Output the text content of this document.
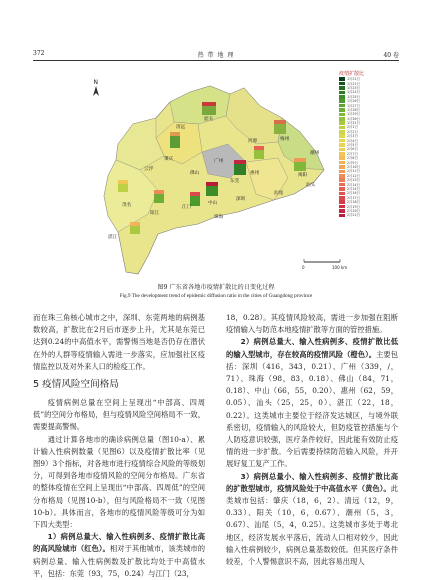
372	热 带 地 理	40 卷
N
韶关
清远
梅州
河源
潮州
揭阳
汕头
汕尾
惠州
广州
东莞
深圳
肇庆
云浮
佛山
江门
中山
珠海
阳江
茂名
湛江
0	100 km
疫情扩散比
1月21日
1月22日
1月23日
1月24日
1月25日
1月26日
1月27日
1月28日
1月29日
1月30日
1月31日
2月1日
2月2日
2月3日
2月4日
2月5日
2月6日
2月7日
2月8日
2月9日
2月10日
2月11日
2月12日
2月13日
2月14日
2月15日
2月16日
2月17日
2月18日
2月19日
2月20日
2月21日
图9 广东省各地市疫情扩散比的日变化过程
Fig.9 The development trend of epidemic diffusion ratio in the cities of Guangdong province

而在珠三角核心城市之中，深圳、东莞两地的病例基数较高，扩散比在2月后市逐步上升，尤其是东莞已达到0.24的中高值水平，需警惕当地是否仍存在潜伏在外的人群等疫情输入需进一步落实，应加强社区疫情监控以及对外来人口的检疫工作。

5 疫情风险空间格局

疫情病例总量在空间上呈现出“中部高、四周低”的空间分布格局，但与疫情风险空间格局不一致，需要提高警惕。

通过计算各地市的确诊病例总量（图10-a）、累计输入性病例数量（见图6）以及疫情扩散比率（见图9）3个指标，对各地市进行疫情综合风险的等级划分，可得到各地市疫情风险的空间分布格局。广东省的整体疫情在空间上呈现出“中部高、四周低”的空间分布格局（见图10-b），但与风险格局不一致（见图10-b）。具体而言，各地市的疫情风险等级可分为如下四大类型：

1）病例总量大、输入性病例多、疫情扩散比高的高风险城市（红色）。相对于其他城市，该类城市的病例总量、输入性病例数及扩散比均处于中高值水平，包括：东莞（93，75，0.24）与江门（23，

18，0.28）。其疫情风险较高，需进一步加强在阻断疫情输入与防范本地疫情扩散等方面的管控措施。

2）病例总量大、输入性病例多、疫情扩散比低的输入型城市，存在较高的疫情风险（橙色）。主要包括：深圳（416，343，0.21）、广州（339，/，71）、珠海（98，83，0.18）、佛山（84，71，0.18）、中山（66，55，0.20）、惠州（62，59，0.05）、汕头（25，25，0）、湛江（22，18，0.22）。这类城市主要位于经济发达城区，与境外联系密切，疫情输入的风险较大，但防疫管控措施与个人防疫意识较强，医疗条件较好，因此能有效防止疫情的进一步扩散。今后需要持续防范输入风险，并开展好复工复产工作。

3）病例总量小、输入性病例多、疫情扩散比高的扩散型城市，疫情风险处于中高值水平（黄色）。此类城市包括：肇庆（18，6，2）、清远（12，9，0.33）、阳关（10，6，0.67）、潮州（5，3，0.67）、汕尾（5，4，0.25）。这类城市多处于粤北地区，经济发展水平落后，流动人口相对较少，因此输入性病例较少，病例总量基数较低。但其医疗条件较差，个人警惕意识不高，因此容易出现人
